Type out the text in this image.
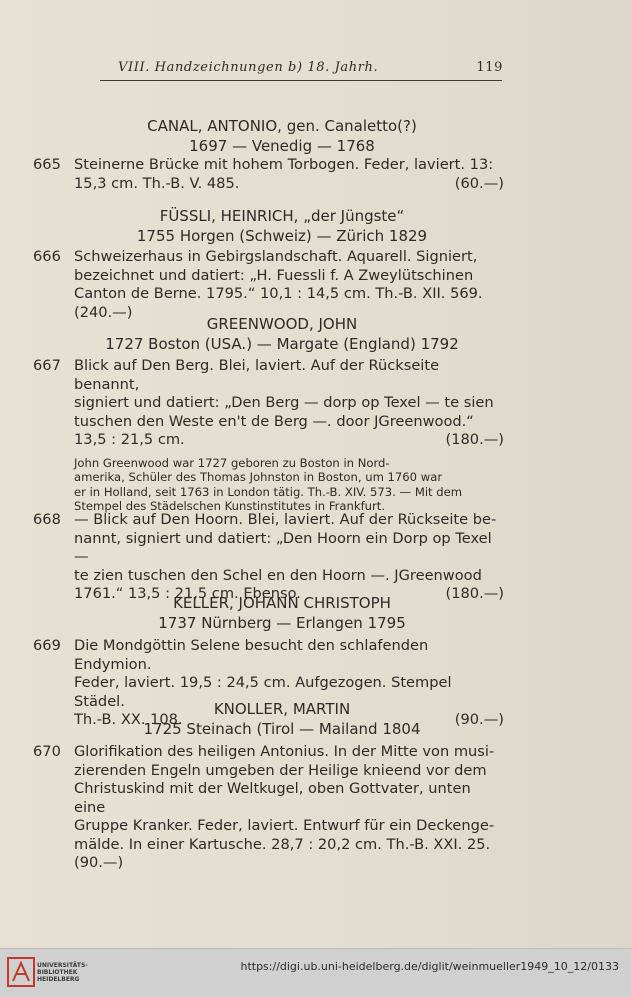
VIII. Handzeichnungen b) 18. Jahrh.	119
CANAL, ANTONIO, gen. Canaletto(?)
1697 — Venedig — 1768
665 Steinerne Brücke mit hohem Torbogen. Feder, laviert. 13:
15,3 cm. Th.-B. V. 485.	(60.—)
FÜSSLI, HEINRICH, „der Jüngste“
1755 Horgen (Schweiz) — Zürich 1829
666 Schweizerhaus in Gebirgslandschaft. Aquarell. Signiert,
bezeichnet und datiert: „H. Fuessli f. A Zweylütschinen
Canton de Berne. 1795.“ 10,1 : 14,5 cm. Th.-B. XII. 569. (240.—)
GREENWOOD, JOHN
1727 Boston (USA.) — Margate (England) 1792
667 Blick auf Den Berg. Blei, laviert. Auf der Rückseite benannt,
signiert und datiert: „Den Berg — dorp op Texel — te sien
tuschen den Weste en't de Berg —. door JGreenwood.“
13,5 : 21,5 cm.	(180.—)
John Greenwood war 1727 geboren zu Boston in Nord-
amerika, Schüler des Thomas Johnston in Boston, um 1760 war
er in Holland, seit 1763 in London tätig. Th.-B. XIV. 573. — Mit dem
Stempel des Städelschen Kunstinstitutes in Frankfurt.
668 — Blick auf Den Hoorn. Blei, laviert. Auf der Rückseite be-
nannt, signiert und datiert: „Den Hoorn ein Dorp op Texel —
te zien tuschen den Schel en den Hoorn —. JGreenwood
1761.“ 13,5 : 21,5 cm. Ebenso.	(180.—)
KELLER, JOHANN CHRISTOPH
1737 Nürnberg — Erlangen 1795
669 Die Mondgöttin Selene besucht den schlafenden Endymion.
Feder, laviert. 19,5 : 24,5 cm. Aufgezogen. Stempel Städel.
Th.-B. XX. 108.	(90.—)
KNOLLER, MARTIN
1725 Steinach (Tirol — Mailand 1804
670 Glorifikation des heiligen Antonius. In der Mitte von musi-
zierenden Engeln umgeben der Heilige knieend vor dem
Christuskind mit der Weltkugel, oben Gottvater, unten eine
Gruppe Kranker. Feder, laviert. Entwurf für ein Deckenge-
mälde. In einer Kartusche. 28,7 : 20,2 cm. Th.-B. XXI. 25. (90.—)
UNIVERSITÄTS-
BIBLIOTHEK
HEIDELBERG
https://digi.ub.uni-heidelberg.de/diglit/weinmueller1949_10_12/0133
